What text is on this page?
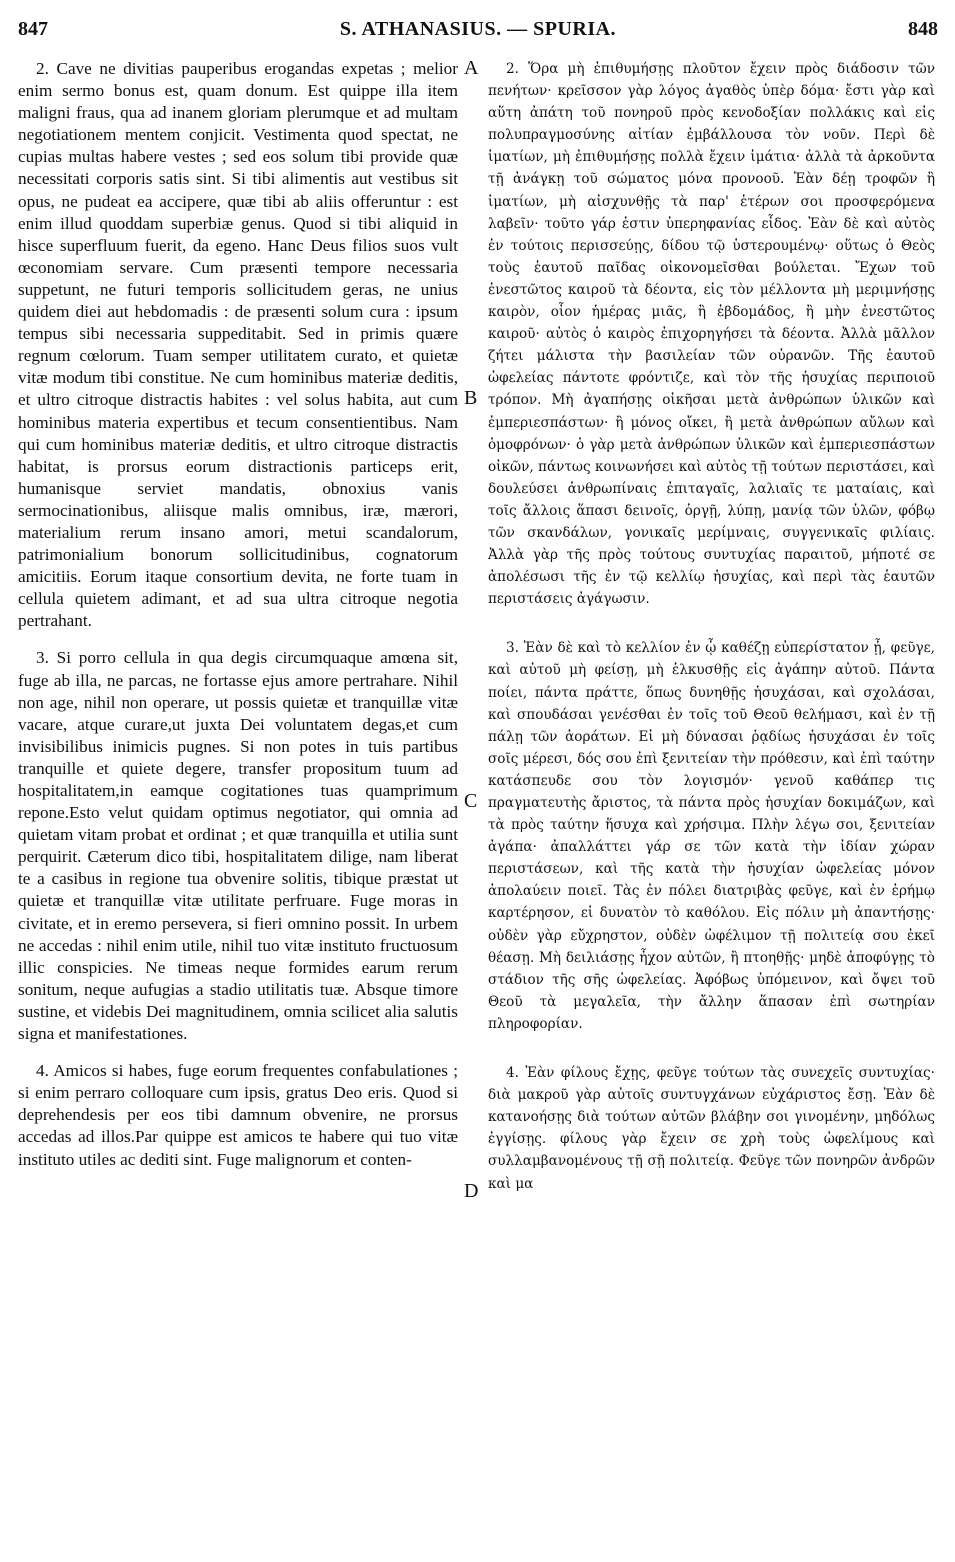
847	S. ATHANASIUS. — SPURIA.	848
A
B
C
D

2. Cave ne divitias pauperibus erogandas expetas ; melior enim sermo bonus est, quam donum. Est quippe illa item maligni fraus, qua ad inanem gloriam plerumque et ad multam negotiationem mentem conjicit. Vestimenta quod spectat, ne cupias multas habere vestes ; sed eos solum tibi provide quæ necessitati corporis satis sint. Si tibi alimentis aut vestibus sit opus, ne pudeat ea accipere, quæ tibi ab aliis offeruntur : est enim illud quoddam superbiæ genus. Quod si tibi aliquid in hisce superfluum fuerit, da egeno. Hanc Deus filios suos vult œconomiam servare. Cum præsenti tempore necessaria suppetunt, ne futuri temporis sollicitudem geras, ne unius quidem diei aut hebdomadis : de præsenti solum cura : ipsum tempus sibi necessaria suppeditabit. Sed in primis quære regnum cœlorum. Tuam semper utilitatem curato, et quietæ vitæ modum tibi constitue. Ne cum hominibus materiæ deditis, et ultro citroque distractis habites : vel solus habita, aut cum hominibus materia expertibus et tecum consentientibus. Nam qui cum hominibus materiæ deditis, et ultro citroque distractis habitat, is prorsus eorum distractionis particeps erit, humanisque serviet mandatis, obnoxius vanis sermocinationibus, aliisque malis omnibus, iræ, mærori, materialium rerum insano amori, metui scandalorum, patrimonialium bonorum sollicitudinibus, cognatorum amicitiis. Eorum itaque consortium devita, ne forte tuam in cellula quietem adimant, et ad sua ultra citroque negotia pertrahant.

3. Si porro cellula in qua degis circumquaque amœna sit, fuge ab illa, ne parcas, ne fortasse ejus amore pertrahare. Nihil non age, nihil non operare, ut possis quietæ et tranquillæ vitæ vacare, atque curare,ut juxta Dei voluntatem degas,et cum invisibilibus inimicis pugnes. Si non potes in tuis partibus tranquille et quiete degere, transfer propositum tuum ad hospitalitatem,in eamque cogitationes tuas quamprimum repone.Esto velut quidam optimus negotiator, qui omnia ad quietam vitam probat et ordinat ; et quæ tranquilla et utilia sunt perquirit. Cæterum dico tibi, hospitalitatem dilige, nam liberat te a casibus in regione tua obvenire solitis, tibique præstat ut quietæ et tranquillæ vitæ utilitate perfruare. Fuge moras in civitate, et in eremo persevera, si fieri omnino possit. In urbem ne accedas : nihil enim utile, nihil tuo vitæ instituto fructuosum illic conspicies. Ne timeas neque formides earum rerum sonitum, neque aufugias a stadio utilitatis tuæ. Absque timore sustine, et videbis Dei magnitudinem, omnia scilicet alia salutis signa et manifestationes.

4. Amicos si habes, fuge eorum frequentes confabulationes ; si enim perraro colloquare cum ipsis, gratus Deo eris. Quod si deprehendesis per eos tibi damnum obvenire, ne prorsus accedas ad illos.Par quippe est amicos te habere qui tuo vitæ instituto utiles ac dediti sint. Fuge malignorum et conten-

2. Ὅρα μὴ ἐπιθυμήσῃς πλοῦτον ἔχειν πρὸς διάδοσιν τῶν πενήτων· κρεῖσσον γὰρ λόγος ἀγαθὸς ὑπὲρ δόμα· ἔστι γὰρ καὶ αὕτη ἀπάτη τοῦ πονηροῦ πρὸς κενοδοξίαν πολλάκις καὶ εἰς πολυπραγμοσύνης αἰτίαν ἐμβάλλουσα τὸν νοῦν. Περὶ δὲ ἱματίων, μὴ ἐπιθυμήσῃς πολλὰ ἔχειν ἱμάτια· ἀλλὰ τὰ ἀρκοῦντα τῇ ἀνάγκῃ τοῦ σώματος μόνα προνοοῦ. Ἐὰν δέῃ τροφῶν ἢ ἱματίων, μὴ αἰσχυνθῇς τὰ παρ' ἑτέρων σοι προσφερόμενα λαβεῖν· τοῦτο γάρ ἐστιν ὑπερηφανίας εἶδος. Ἐὰν δὲ καὶ αὐτὸς ἐν τούτοις περισσεύῃς, δίδου τῷ ὑστερουμένῳ· οὕτως ὁ Θεὸς τοὺς ἑαυτοῦ παῖδας οἰκονομεῖσθαι βούλεται. Ἔχων τοῦ ἐνεστῶτος καιροῦ τὰ δέοντα, εἰς τὸν μέλλοντα μὴ μεριμνήσῃς καιρὸν, οἷον ἡμέρας μιᾶς, ἢ ἑβδομάδος, ἢ μὴν ἐνεστῶτος καιροῦ· αὐτὸς ὁ καιρὸς ἐπιχορηγήσει τὰ δέοντα. Ἀλλὰ μᾶλλον ζήτει μάλιστα τὴν βασιλείαν τῶν οὐρανῶν. Τῆς ἑαυτοῦ ὠφελείας πάντοτε φρόντιζε, καὶ τὸν τῆς ἡσυχίας περιποιοῦ τρόπον. Μὴ ἀγαπήσῃς οἰκῆσαι μετὰ ἀνθρώπων ὑλικῶν καὶ ἐμπεριεσπάστων· ἢ μόνος οἴκει, ἢ μετὰ ἀνθρώπων αὔλων καὶ ὁμοφρόνων· ὁ γὰρ μετὰ ἀνθρώπων ὑλικῶν καὶ ἐμπεριεσπάστων οἰκῶν, πάντως κοινωνήσει καὶ αὐτὸς τῇ τούτων περιστάσει, καὶ δουλεύσει ἀνθρωπίναις ἐπιταγαῖς, λαλιαῖς τε ματαίαις, καὶ τοῖς ἄλλοις ἅπασι δεινοῖς, ὀργῇ, λύπῃ, μανίᾳ τῶν ὑλῶν, φόβῳ τῶν σκανδάλων, γονικαῖς μερίμναις, συγγενικαῖς φιλίαις. Ἀλλὰ γὰρ τῆς πρὸς τούτους συντυχίας παραιτοῦ, μήποτέ σε ἀπολέσωσι τῆς ἐν τῷ κελλίῳ ἡσυχίας, καὶ περὶ τὰς ἑαυτῶν περιστάσεις ἀγάγωσιν.

3. Ἐὰν δὲ καὶ τὸ κελλίον ἐν ᾧ καθέζῃ εὐπερίστατον ᾖ, φεῦγε, καὶ αὐτοῦ μὴ φείσῃ, μὴ ἑλκυσθῇς εἰς ἀγάπην αὐτοῦ. Πάντα ποίει, πάντα πράττε, ὅπως δυνηθῇς ἡσυχάσαι, καὶ σχολάσαι, καὶ σπουδάσαι γενέσθαι ἐν τοῖς τοῦ Θεοῦ θελήμασι, καὶ ἐν τῇ πάλῃ τῶν ἀοράτων. Εἰ μὴ δύνασαι ῥᾳδίως ἡσυχάσαι ἐν τοῖς σοῖς μέρεσι, δός σου ἐπὶ ξενιτείαν τὴν πρόθεσιν, καὶ ἐπὶ ταύτην κατάσπευδε σου τὸν λογισμόν· γενοῦ καθάπερ τις πραγματευτὴς ἄριστος, τὰ πάντα πρὸς ἡσυχίαν δοκιμάζων, καὶ τὰ πρὸς ταύτην ἥσυχα καὶ χρήσιμα. Πλὴν λέγω σοι, ξενιτείαν ἀγάπα· ἀπαλλάττει γάρ σε τῶν κατὰ τὴν ἰδίαν χώραν περιστάσεων, καὶ τῆς κατὰ τὴν ἡσυχίαν ὠφελείας μόνον ἀπολαύειν ποιεῖ. Τὰς ἐν πόλει διατριβὰς φεῦγε, καὶ ἐν ἐρήμῳ καρτέρησον, εἰ δυνατὸν τὸ καθόλου. Εἰς πόλιν μὴ ἀπαντήσῃς· οὐδὲν γὰρ εὔχρηστον, οὐδὲν ὠφέλιμον τῇ πολιτείᾳ σου ἐκεῖ θέασῃ. Μὴ δειλιάσῃς ἦχον αὐτῶν, ἢ πτοηθῇς· μηδὲ ἀποφύγῃς τὸ στάδιον τῆς σῆς ὠφελείας. Ἀφόβως ὑπόμεινον, καὶ ὄψει τοῦ Θεοῦ τὰ μεγαλεῖα, τὴν ἄλλην ἅπασαν ἐπὶ σωτηρίαν πληροφορίαν.

4. Ἐὰν φίλους ἔχῃς, φεῦγε τούτων τὰς συνεχεῖς συντυχίας· διὰ μακροῦ γὰρ αὐτοῖς συντυγχάνων εὐχάριστος ἔσῃ. Ἐὰν δὲ κατανοήσῃς διὰ τούτων αὐτῶν βλάβην σοι γινομένην, μηδόλως ἐγγίσῃς. φίλους γὰρ ἔχειν σε χρὴ τοὺς ὠφελίμους καὶ συλλαμβανομένους τῇ σῇ πολιτείᾳ. Φεῦγε τῶν πονηρῶν ἀνδρῶν καὶ μα
